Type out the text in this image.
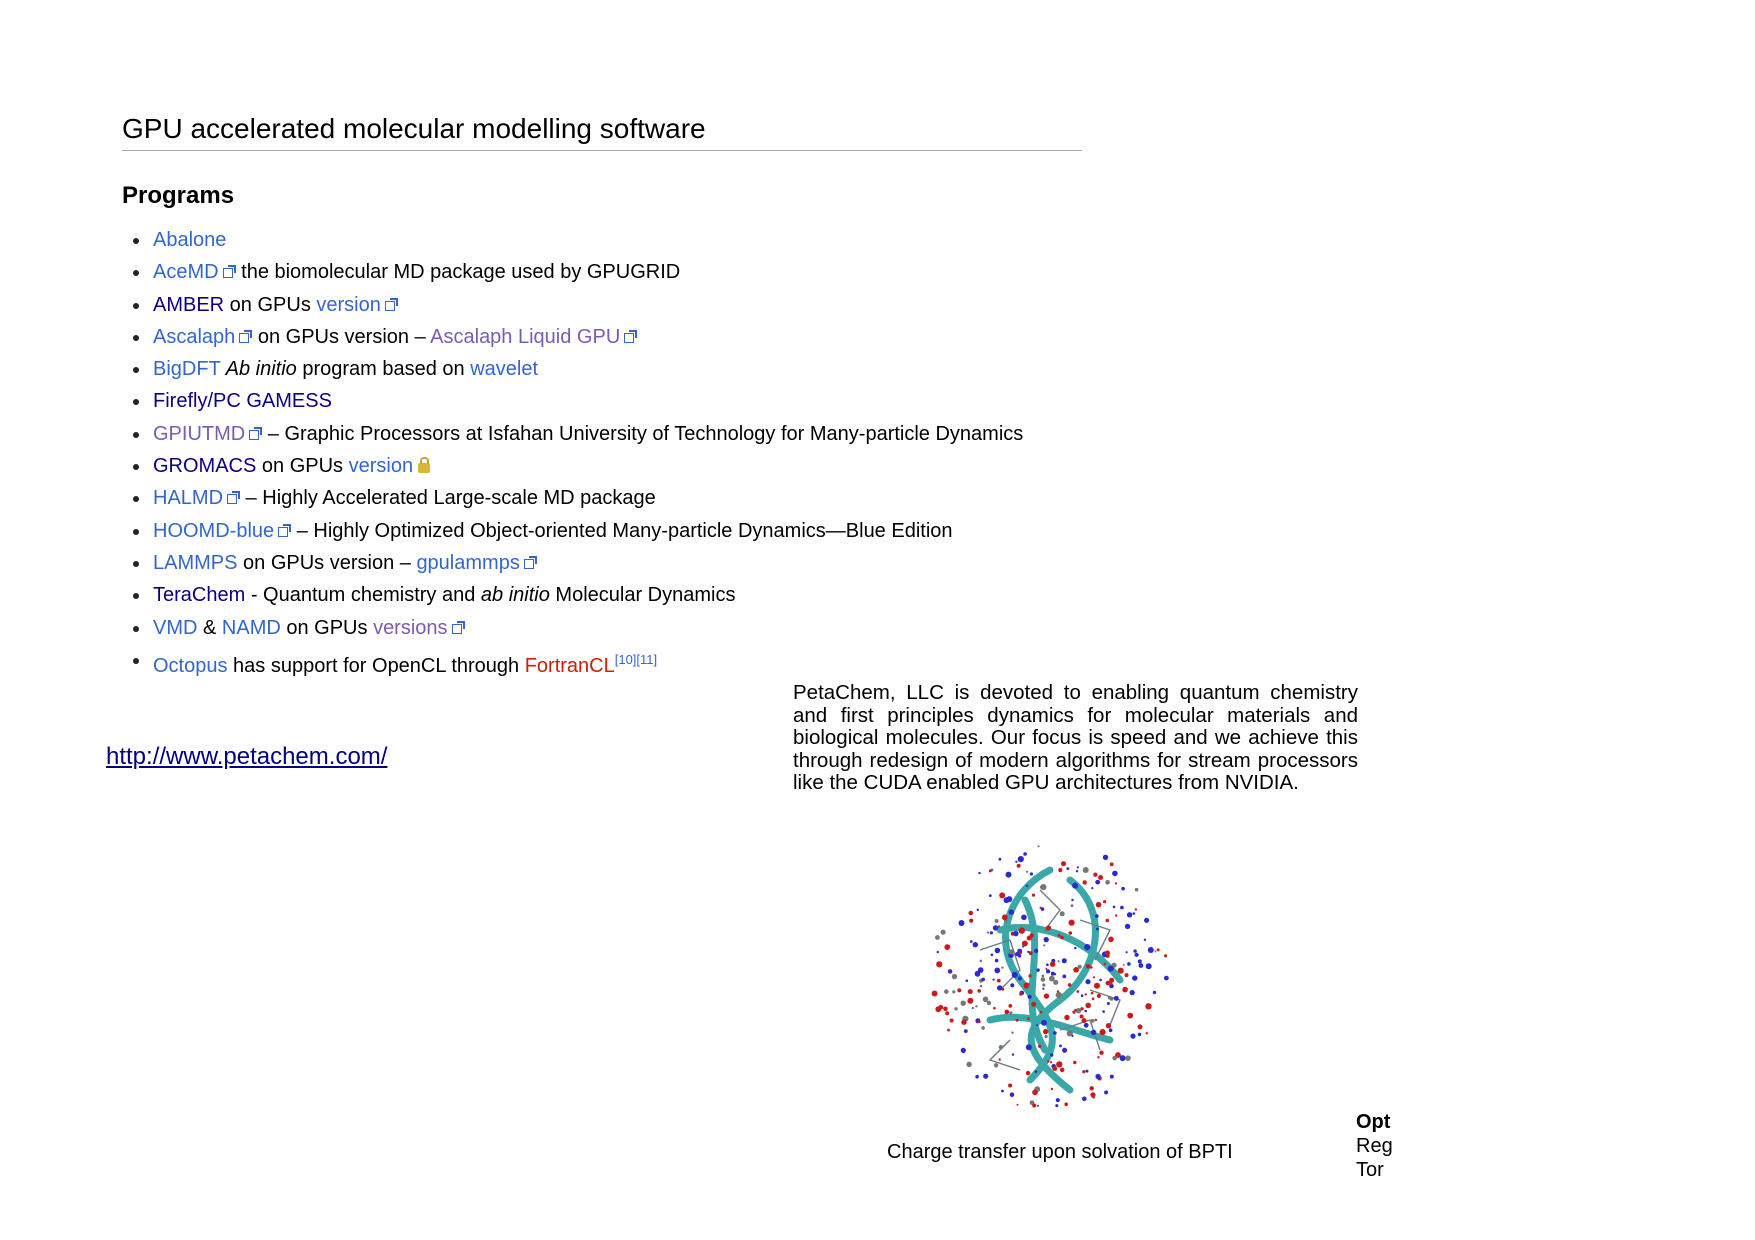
GPU accelerated molecular modelling software
Programs
Abalone
AceMD the biomolecular MD package used by GPUGRID
AMBER on GPUs version
Ascalaph on GPUs version – Ascalaph Liquid GPU
BigDFT Ab initio program based on wavelet
Firefly/PC GAMESS
GPIUTMD – Graphic Processors at Isfahan University of Technology for Many-particle Dynamics
GROMACS on GPUs version
HALMD – Highly Accelerated Large-scale MD package
HOOMD-blue – Highly Optimized Object-oriented Many-particle Dynamics—Blue Edition
LAMMPS on GPUs version – gpulammps
TeraChem - Quantum chemistry and ab initio Molecular Dynamics
VMD & NAMD on GPUs versions
Octopus has support for OpenCL through FortranCL[10][11]
http://www.petachem.com/

PetaChem, LLC is devoted to enabling quantum chemistry and first principles dynamics for molecular materials and biological molecules. Our focus is speed and we achieve this through redesign of modern algorithms for stream processors like the CUDA enabled GPU architectures from NVIDIA.

Charge transfer upon solvation of BPTI
Opt
Reg
Tor
